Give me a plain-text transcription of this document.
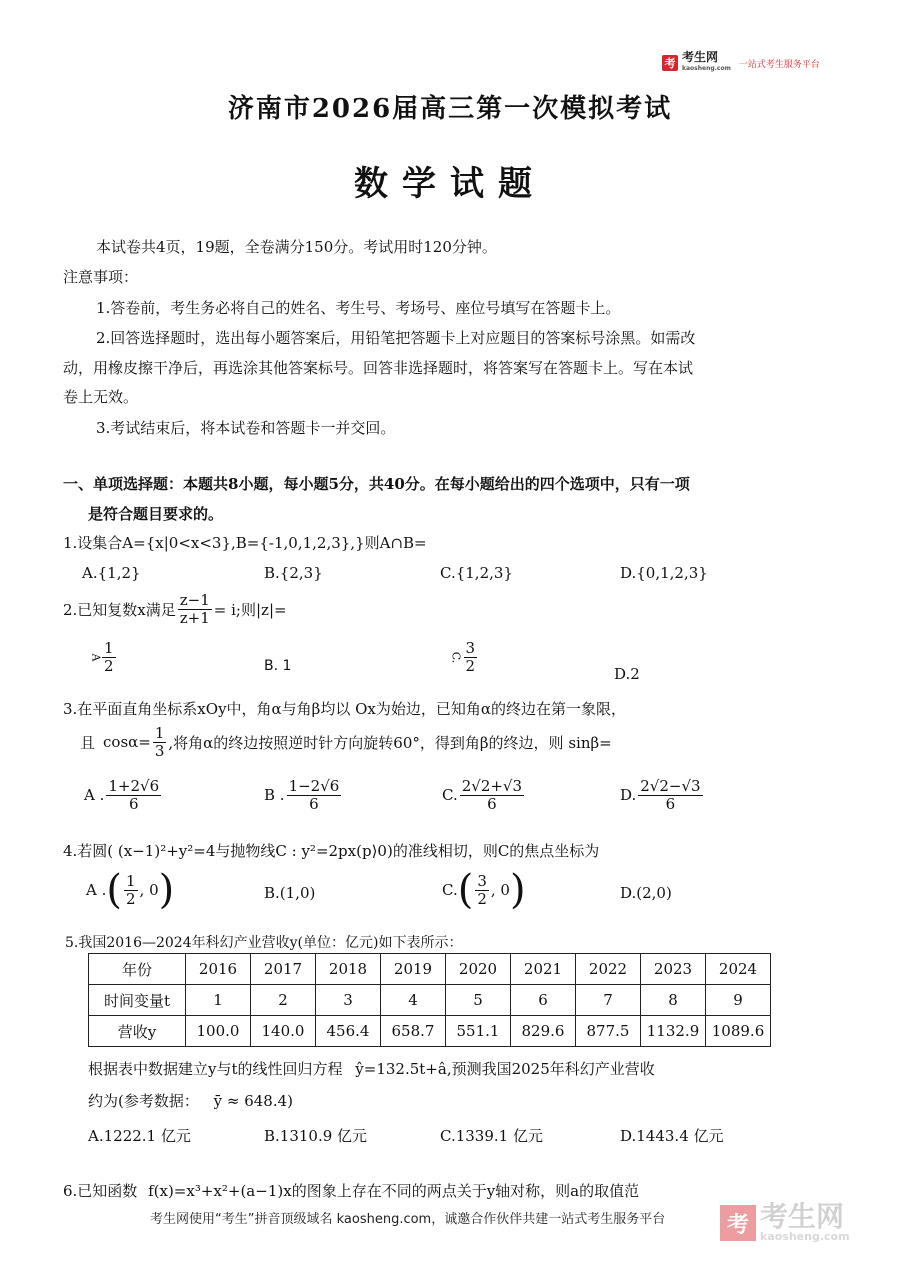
考 考生网
kaosheng.com 一站式考生服务平台
济南市2026届高三第一次模拟考试
数学试题
本试卷共4页，19题，全卷满分150分。考试用时120分钟。
注意事项：
1.答卷前，考生务必将自己的姓名、考生号、考场号、座位号填写在答题卡上。
2.回答选择题时，选出每小题答案后，用铅笔把答题卡上对应题目的答案标号涂黑。如需改
动，用橡皮擦干净后，再选涂其他答案标号。回答非选择题时，将答案写在答题卡上。写在本试
卷上无效。
3.考试结束后，将本试卷和答题卡一并交回。
一、单项选择题：本题共8小题，每小题5分，共40分。在每小题给出的四个选项中，只有一项
是符合题目要求的。
1.设集合A={x|0<x<3},B={-1,0,1,2,3},}则A∩B=
A.{1,2}	B.{2,3}	C.{1,2,3}	D.{0,1,2,3}
2.已知复数x满足 $\frac{z-1}{z+1} = i$;则|z|=
A $\frac{1}{2}$	B. 1
C. $\frac{3}{2}$	D.2
3.在平面直角坐标系xOy中，角α与角β均以 Ox为始边，已知角α的终边在第一象限，
且 $\cos\alpha= \frac{1}{3}$ ,将角α的终边按照逆时针方向旋转60°，得到角β的终边，则 sinβ=
A . $\frac{1+2√6}{6}$	B . $\frac{1-2√6}{6}$	C. $\frac{2√2+√3}{6}$	D. $\frac{2√2-√3}{6}$
4.若圆( (x−1)²+y²=4与抛物线C : y²=2px(p⟩0)的准线相切，则C的焦点坐标为
A . ( $\frac{1}{2}$ , 0 )	B.(1,0)	C. ( $\frac{3}{2}$ , 0 )	D.(2,0)
5.我国2016—2024年科幻产业营收y(单位：亿元)如下表所示：
年份	2016	2017	2018	2019	2020	2021	2022	2023	2024
时间变量t	1	2	3	4	5	6	7	8	9
营收y	100.0	140.0	456.4	658.7	551.1	829.6	877.5	1132.9	1089.6
根据表中数据建立y与t的线性回归方程 ŷ=132.5t+â,预测我国2025年科幻产业营收
约为(参考数据： ȳ ≈ 648.4)
A.1222.1 亿元	B.1310.9 亿元	C.1339.1 亿元	D.1443.4 亿元
6.已知函数 f(x)=x³+x²+(a−1)x的图象上存在不同的两点关于y轴对称，则a的取值范
考生网使用“考生”拼音顶级域名 kaosheng.com，诚邀合作伙伴共建一站式考生服务平台	考 考生网
kaosheng.com
